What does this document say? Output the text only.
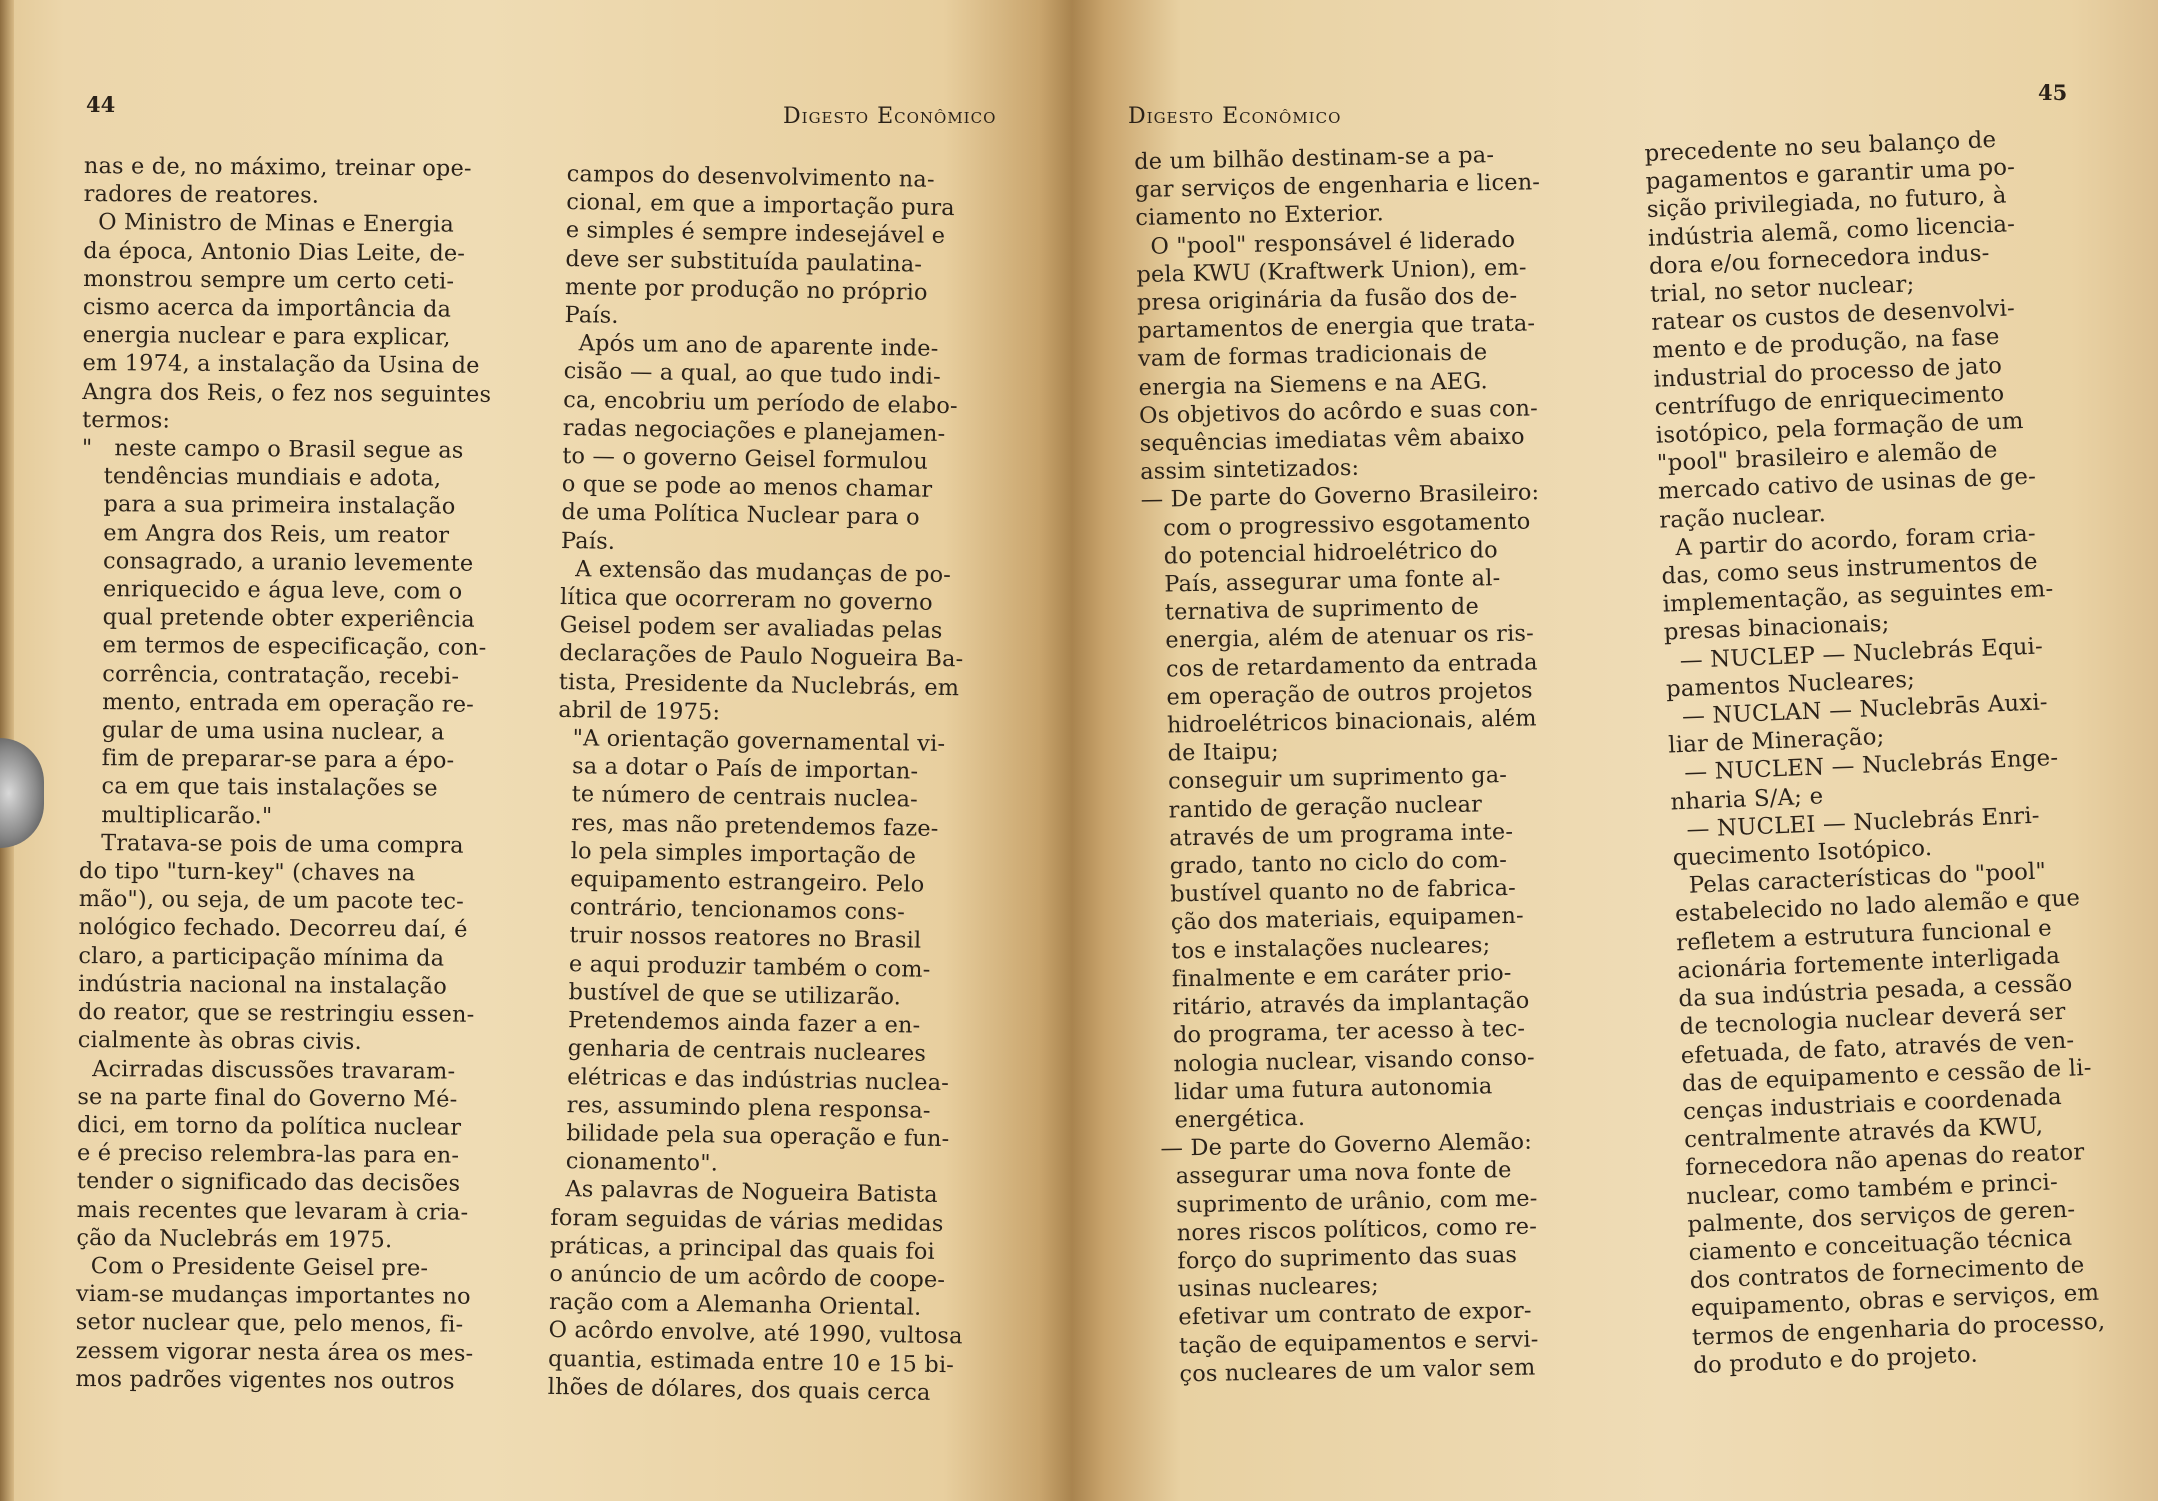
44	Digesto Econômico
nas e de, no máximo, treinar ope-
radores de reatores.
O Ministro de Minas e Energia
da época, Antonio Dias Leite, de-
monstrou sempre um certo ceti-
cismo acerca da importância da
energia nuclear e para explicar,
em 1974, a instalação da Usina de
Angra dos Reis, o fez nos seguintes
termos:
"   neste campo o Brasil segue as
tendências mundiais e adota,
para a sua primeira instalação
em Angra dos Reis, um reator
consagrado, a uranio levemente
enriquecido e água leve, com o
qual pretende obter experiência
em termos de especificação, con-
corrência, contratação, recebi-
mento, entrada em operação re-
gular de uma usina nuclear, a
fim de preparar-se para a épo-
ca em que tais instalações se
multiplicarão."
Tratava-se pois de uma compra
do tipo "turn-key" (chaves na
mão"), ou seja, de um pacote tec-
nológico fechado. Decorreu daí, é
claro, a participação mínima da
indústria nacional na instalação
do reator, que se restringiu essen-
cialmente às obras civis.
Acirradas discussões travaram-
se na parte final do Governo Mé-
dici, em torno da política nuclear
e é preciso relembra-las para en-
tender o significado das decisões
mais recentes que levaram à cria-
ção da Nuclebrás em 1975.
Com o Presidente Geisel pre-
viam-se mudanças importantes no
setor nuclear que, pelo menos, fi-
zessem vigorar nesta área os mes-
mos padrões vigentes nos outros
campos do desenvolvimento na-
cional, em que a importação pura
e simples é sempre indesejável e
deve ser substituída paulatina-
mente por produção no próprio
País.
Após um ano de aparente inde-
cisão — a qual, ao que tudo indi-
ca, encobriu um período de elabo-
radas negociações e planejamen-
to — o governo Geisel formulou
o que se pode ao menos chamar
de uma Política Nuclear para o
País.
A extensão das mudanças de po-
lítica que ocorreram no governo
Geisel podem ser avaliadas pelas
declarações de Paulo Nogueira Ba-
tista, Presidente da Nuclebrás, em
abril de 1975:
"A orientação governamental vi-
sa a dotar o País de importan-
te número de centrais nuclea-
res, mas não pretendemos faze-
lo pela simples importação de
equipamento estrangeiro. Pelo
contrário, tencionamos cons-
truir nossos reatores no Brasil
e aqui produzir também o com-
bustível de que se utilizarão.
Pretendemos ainda fazer a en-
genharia de centrais nucleares
elétricas e das indústrias nuclea-
res, assumindo plena responsa-
bilidade pela sua operação e fun-
cionamento".
As palavras de Nogueira Batista
foram seguidas de várias medidas
práticas, a principal das quais foi
o anúncio de um acôrdo de coope-
ração com a Alemanha Oriental.
O acôrdo envolve, até 1990, vultosa
quantia, estimada entre 10 e 15 bi-
lhões de dólares, dos quais cerca
Digesto Econômico
45
de um bilhão destinam-se a pa-
gar serviços de engenharia e licen-
ciamento no Exterior.
O "pool" responsável é liderado
pela KWU (Kraftwerk Union), em-
presa originária da fusão dos de-
partamentos de energia que trata-
vam de formas tradicionais de
energia na Siemens e na AEG.
Os objetivos do acôrdo e suas con-
sequências imediatas vêm abaixo
assim sintetizados:
— De parte do Governo Brasileiro:
com o progressivo esgotamento
do potencial hidroelétrico do
País, assegurar uma fonte al-
ternativa de suprimento de
energia, além de atenuar os ris-
cos de retardamento da entrada
em operação de outros projetos
hidroelétricos binacionais, além
de Itaipu;
conseguir um suprimento ga-
rantido de geração nuclear
através de um programa inte-
grado, tanto no ciclo do com-
bustível quanto no de fabrica-
ção dos materiais, equipamen-
tos e instalações nucleares;
finalmente e em caráter prio-
ritário, através da implantação
do programa, ter acesso à tec-
nologia nuclear, visando conso-
lidar uma futura autonomia
energética.
— De parte do Governo Alemão:
assegurar uma nova fonte de
suprimento de urânio, com me-
nores riscos políticos, como re-
forço do suprimento das suas
usinas nucleares;
efetivar um contrato de expor-
tação de equipamentos e servi-
ços nucleares de um valor sem
precedente no seu balanço de
pagamentos e garantir uma po-
sição privilegiada, no futuro, à
indústria alemã, como licencia-
dora e/ou fornecedora indus-
trial, no setor nuclear;
ratear os custos de desenvolvi-
mento e de produção, na fase
industrial do processo de jato
centrífugo de enriquecimento
isotópico, pela formação de um
"pool" brasileiro e alemão de
mercado cativo de usinas de ge-
ração nuclear.
A partir do acordo, foram cria-
das, como seus instrumentos de
implementação, as seguintes em-
presas binacionais;
— NUCLEP — Nuclebrás Equi-
pamentos Nucleares;
— NUCLAN — Nuclebrās Auxi-
liar de Mineração;
— NUCLEN — Nuclebrás Enge-
nharia S/A; e
— NUCLEI — Nuclebrás Enri-
quecimento Isotópico.
Pelas características do "pool"
estabelecido no lado alemão e que
refletem a estrutura funcional e
acionária fortemente interligada
da sua indústria pesada, a cessão
de tecnologia nuclear deverá ser
efetuada, de fato, através de ven-
das de equipamento e cessão de li-
cenças industriais e coordenada
centralmente através da KWU,
fornecedora não apenas do reator
nuclear, como também e princi-
palmente, dos serviços de geren-
ciamento e conceituação técnica
dos contratos de fornecimento de
equipamento, obras e serviços, em
termos de engenharia do processo,
do produto e do projeto.
